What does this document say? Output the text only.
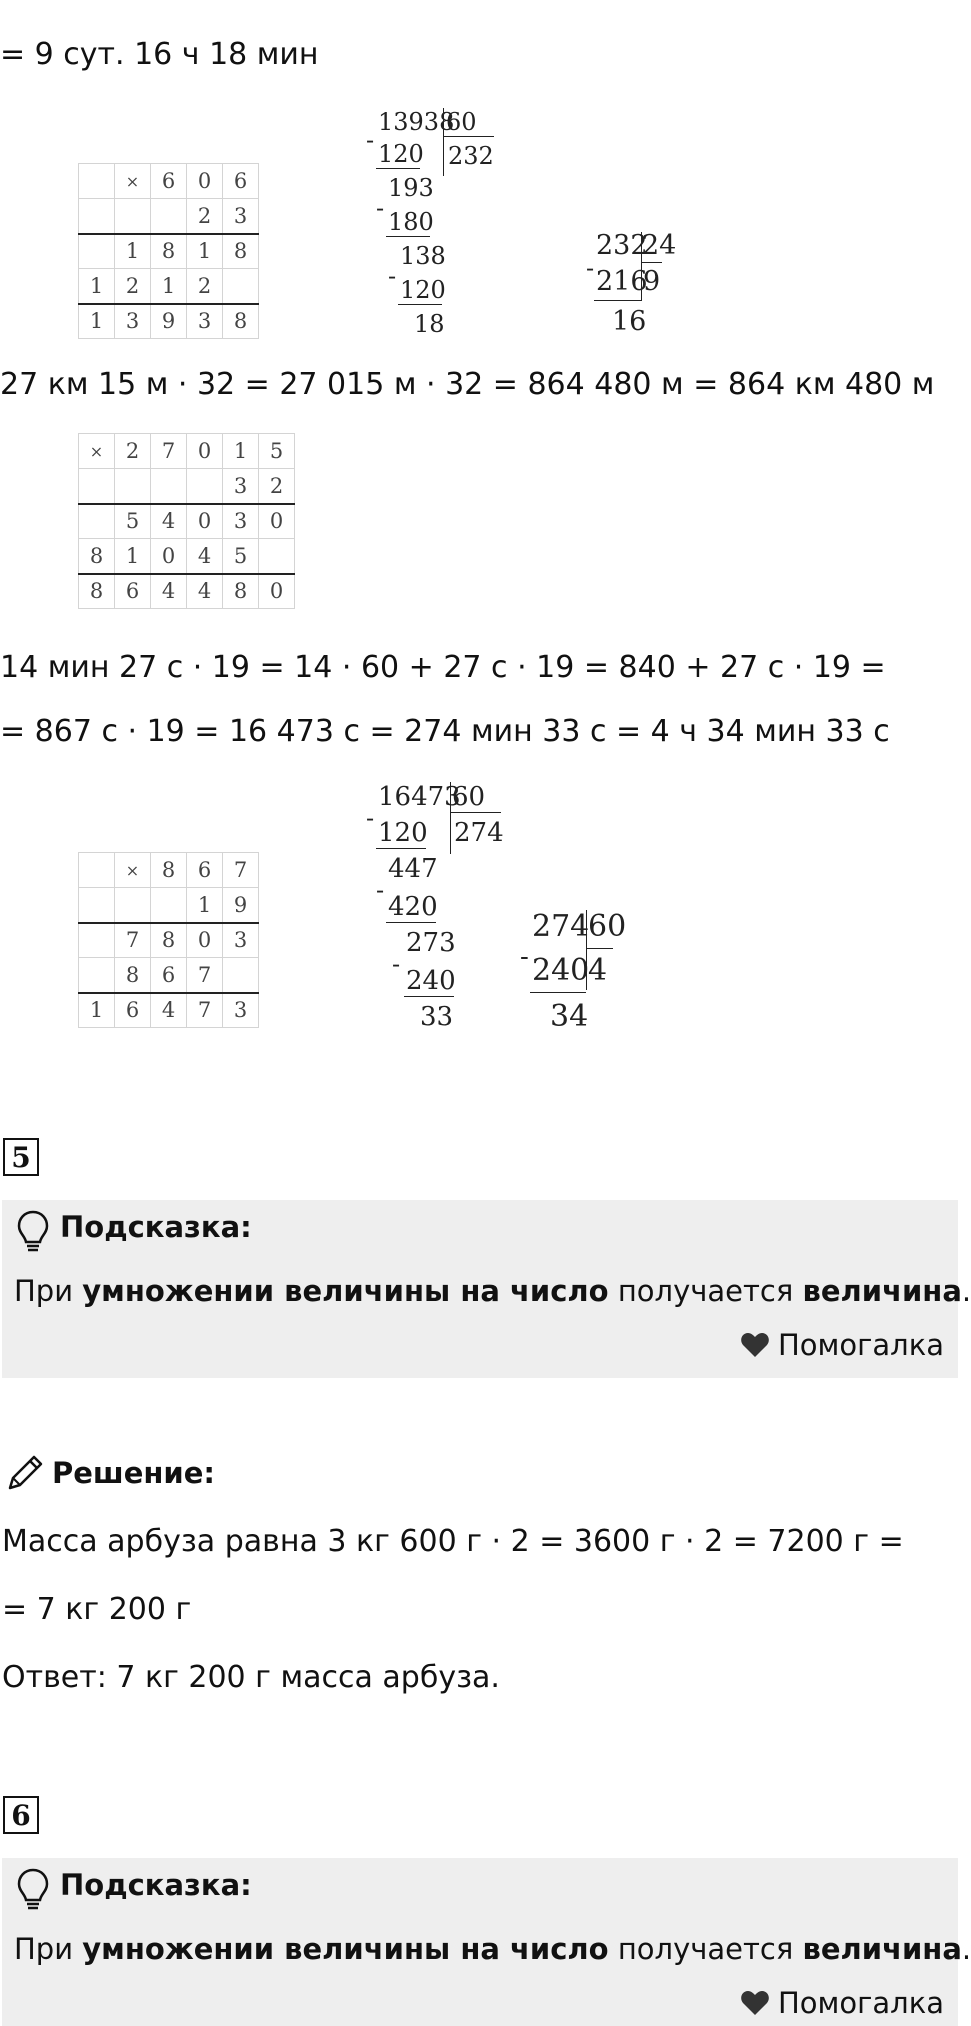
= 9 сут. 16 ч 18 мин
	×	6	0	6
			2	3
	1	8	1	8
1	2	1	2	
1	3	9	3	8
13938
60
232
- 120
193
- 180
138
- 120
18
232
24
- 216
9
16
27 км 15 м · 32 = 27 015 м · 32 = 864 480 м = 864 км 480 м
×	2	7	0	1	5
				3	2
	5	4	0	3	0
8	1	0	4	5	
8	6	4	4	8	0
14 мин 27 с · 19 = 14 · 60 + 27 с · 19 = 840 + 27 с · 19 =
= 867 с · 19 = 16 473 с = 274 мин 33 с = 4 ч 34 мин 33 с
	×	8	6	7
			1	9
	7	8	0	3
	8	6	7	
1	6	4	7	3
16473
60
274
- 120
447
-
420
273
-
240
33
274
60
- 240
4
34
5
Подсказка:
При умножении величины на число получается величина.
Помогалка
Решение:
Масса арбуза равна 3 кг 600 г · 2 = 3600 г · 2 = 7200 г =
= 7 кг 200 г
Ответ: 7 кг 200 г масса арбуза.
6
Подсказка:
При умножении величины на число получается величина.
Помогалка
